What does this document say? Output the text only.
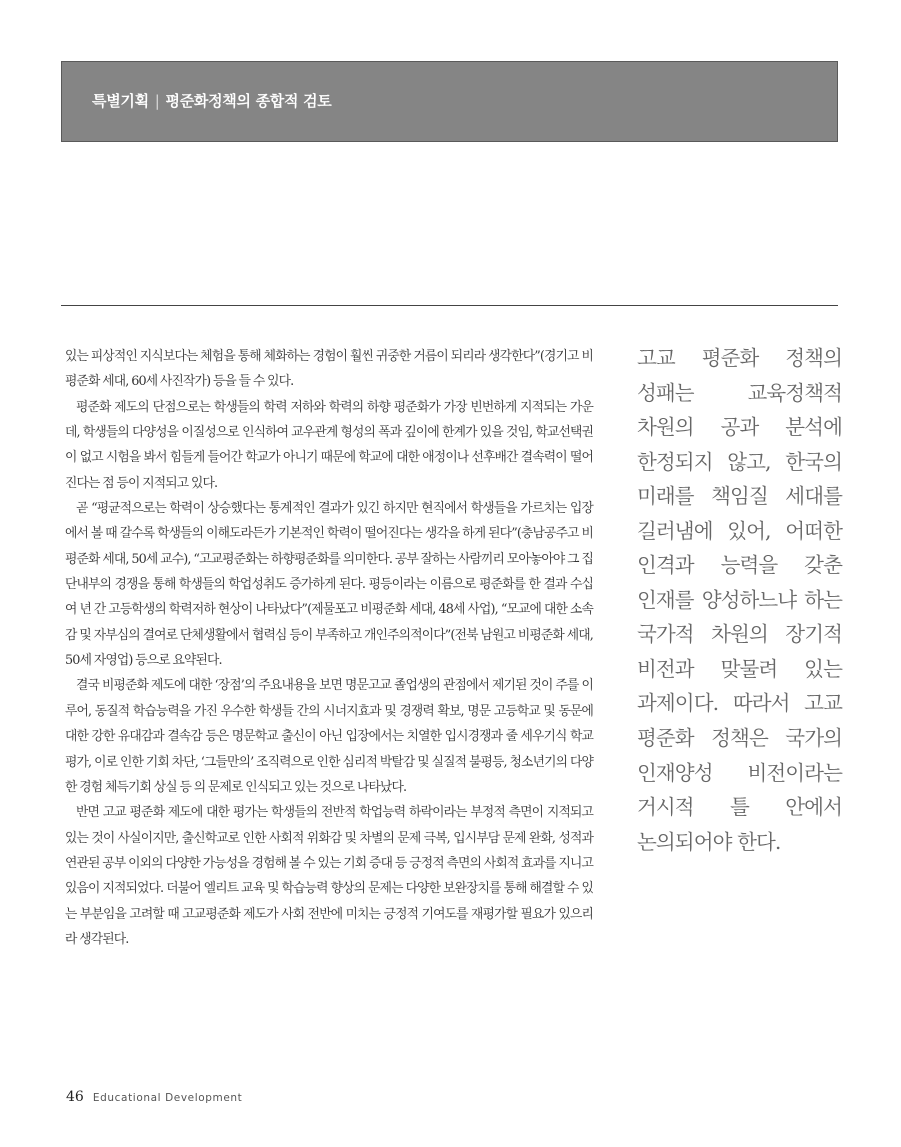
특별기획 | 평준화정책의 종합적 검토

있는 피상적인 지식보다는 체험을 통해 체화하는 경험이 훨씬 귀중한 거름이 되리라 생각한다”(경기고 비평준화 세대, 60세 사진작가) 등을 들 수 있다.

평준화 제도의 단점으로는 학생들의 학력 저하와 학력의 하향 평준화가 가장 빈번하게 지적되는 가운데, 학생들의 다양성을 이질성으로 인식하여 교우관계 형성의 폭과 깊이에 한계가 있을 것임, 학교선택권이 없고 시험을 봐서 힘들게 들어간 학교가 아니기 때문에 학교에 대한 애정이나 선후배간 결속력이 떨어진다는 점 등이 지적되고 있다.

곧 “평균적으로는 학력이 상승했다는 통계적인 결과가 있긴 하지만 현직에서 학생들을 가르치는 입장에서 볼 때 갈수록 학생들의 이해도라든가 기본적인 학력이 떨어진다는 생각을 하게 된다”(충남공주고 비평준화 세대, 50세 교수), “고교평준화는 하향평준화를 의미한다. 공부 잘하는 사람끼리 모아놓아야 그 집단내부의 경쟁을 통해 학생들의 학업성취도 증가하게 된다. 평등이라는 이름으로 평준화를 한 결과 수십여 년 간 고등학생의 학력저하 현상이 나타났다”(제물포고 비평준화 세대, 48세 사업), “모교에 대한 소속감 및 자부심의 결여로 단체생활에서 협력심 등이 부족하고 개인주의적이다”(전북 남원고 비평준화 세대, 50세 자영업) 등으로 요약된다.

결국 비평준화 제도에 대한 ‘장점’의 주요내용을 보면 명문고교 졸업생의 관점에서 제기된 것이 주를 이루어, 동질적 학습능력을 가진 우수한 학생들 간의 시너지효과 및 경쟁력 확보, 명문 고등학교 및 동문에 대한 강한 유대감과 결속감 등은 명문학교 출신이 아닌 입장에서는 치열한 입시경쟁과 줄 세우기식 학교평가, 이로 인한 기회 차단, ‘그들만의’ 조직력으로 인한 심리적 박탈감 및 실질적 불평등, 청소년기의 다양한 경험 체득기회 상실 등 의 문제로 인식되고 있는 것으로 나타났다.

반면 고교 평준화 제도에 대한 평가는 학생들의 전반적 학업능력 하락이라는 부정적 측면이 지적되고 있는 것이 사실이지만, 출신학교로 인한 사회적 위화감 및 차별의 문제 극복, 입시부담 문제 완화, 성적과 연관된 공부 이외의 다양한 가능성을 경험해 볼 수 있는 기회 증대 등 긍정적 측면의 사회적 효과를 지니고 있음이 지적되었다. 더불어 엘리트 교육 및 학습능력 향상의 문제는 다양한 보완장치를 통해 해결할 수 있는 부분임을 고려할 때 고교평준화 제도가 사회 전반에 미치는 긍정적 기여도를 재평가할 필요가 있으리라 생각된다.

고교 평준화 정책의 성패는 교육정책적 차원의 공과 분석에 한정되지 않고, 한국의 미래를 책임질 세대를 길러냄에 있어, 어떠한 인격과 능력을 갖춘 인재를 양성하느냐 하는 국가적 차원의 장기적 비전과 맞물려 있는 과제이다. 따라서 고교 평준화 정책은 국가의 인재양성 비전이라는 거시적 틀 안에서 논의되어야 한다.
46 Educational Development
